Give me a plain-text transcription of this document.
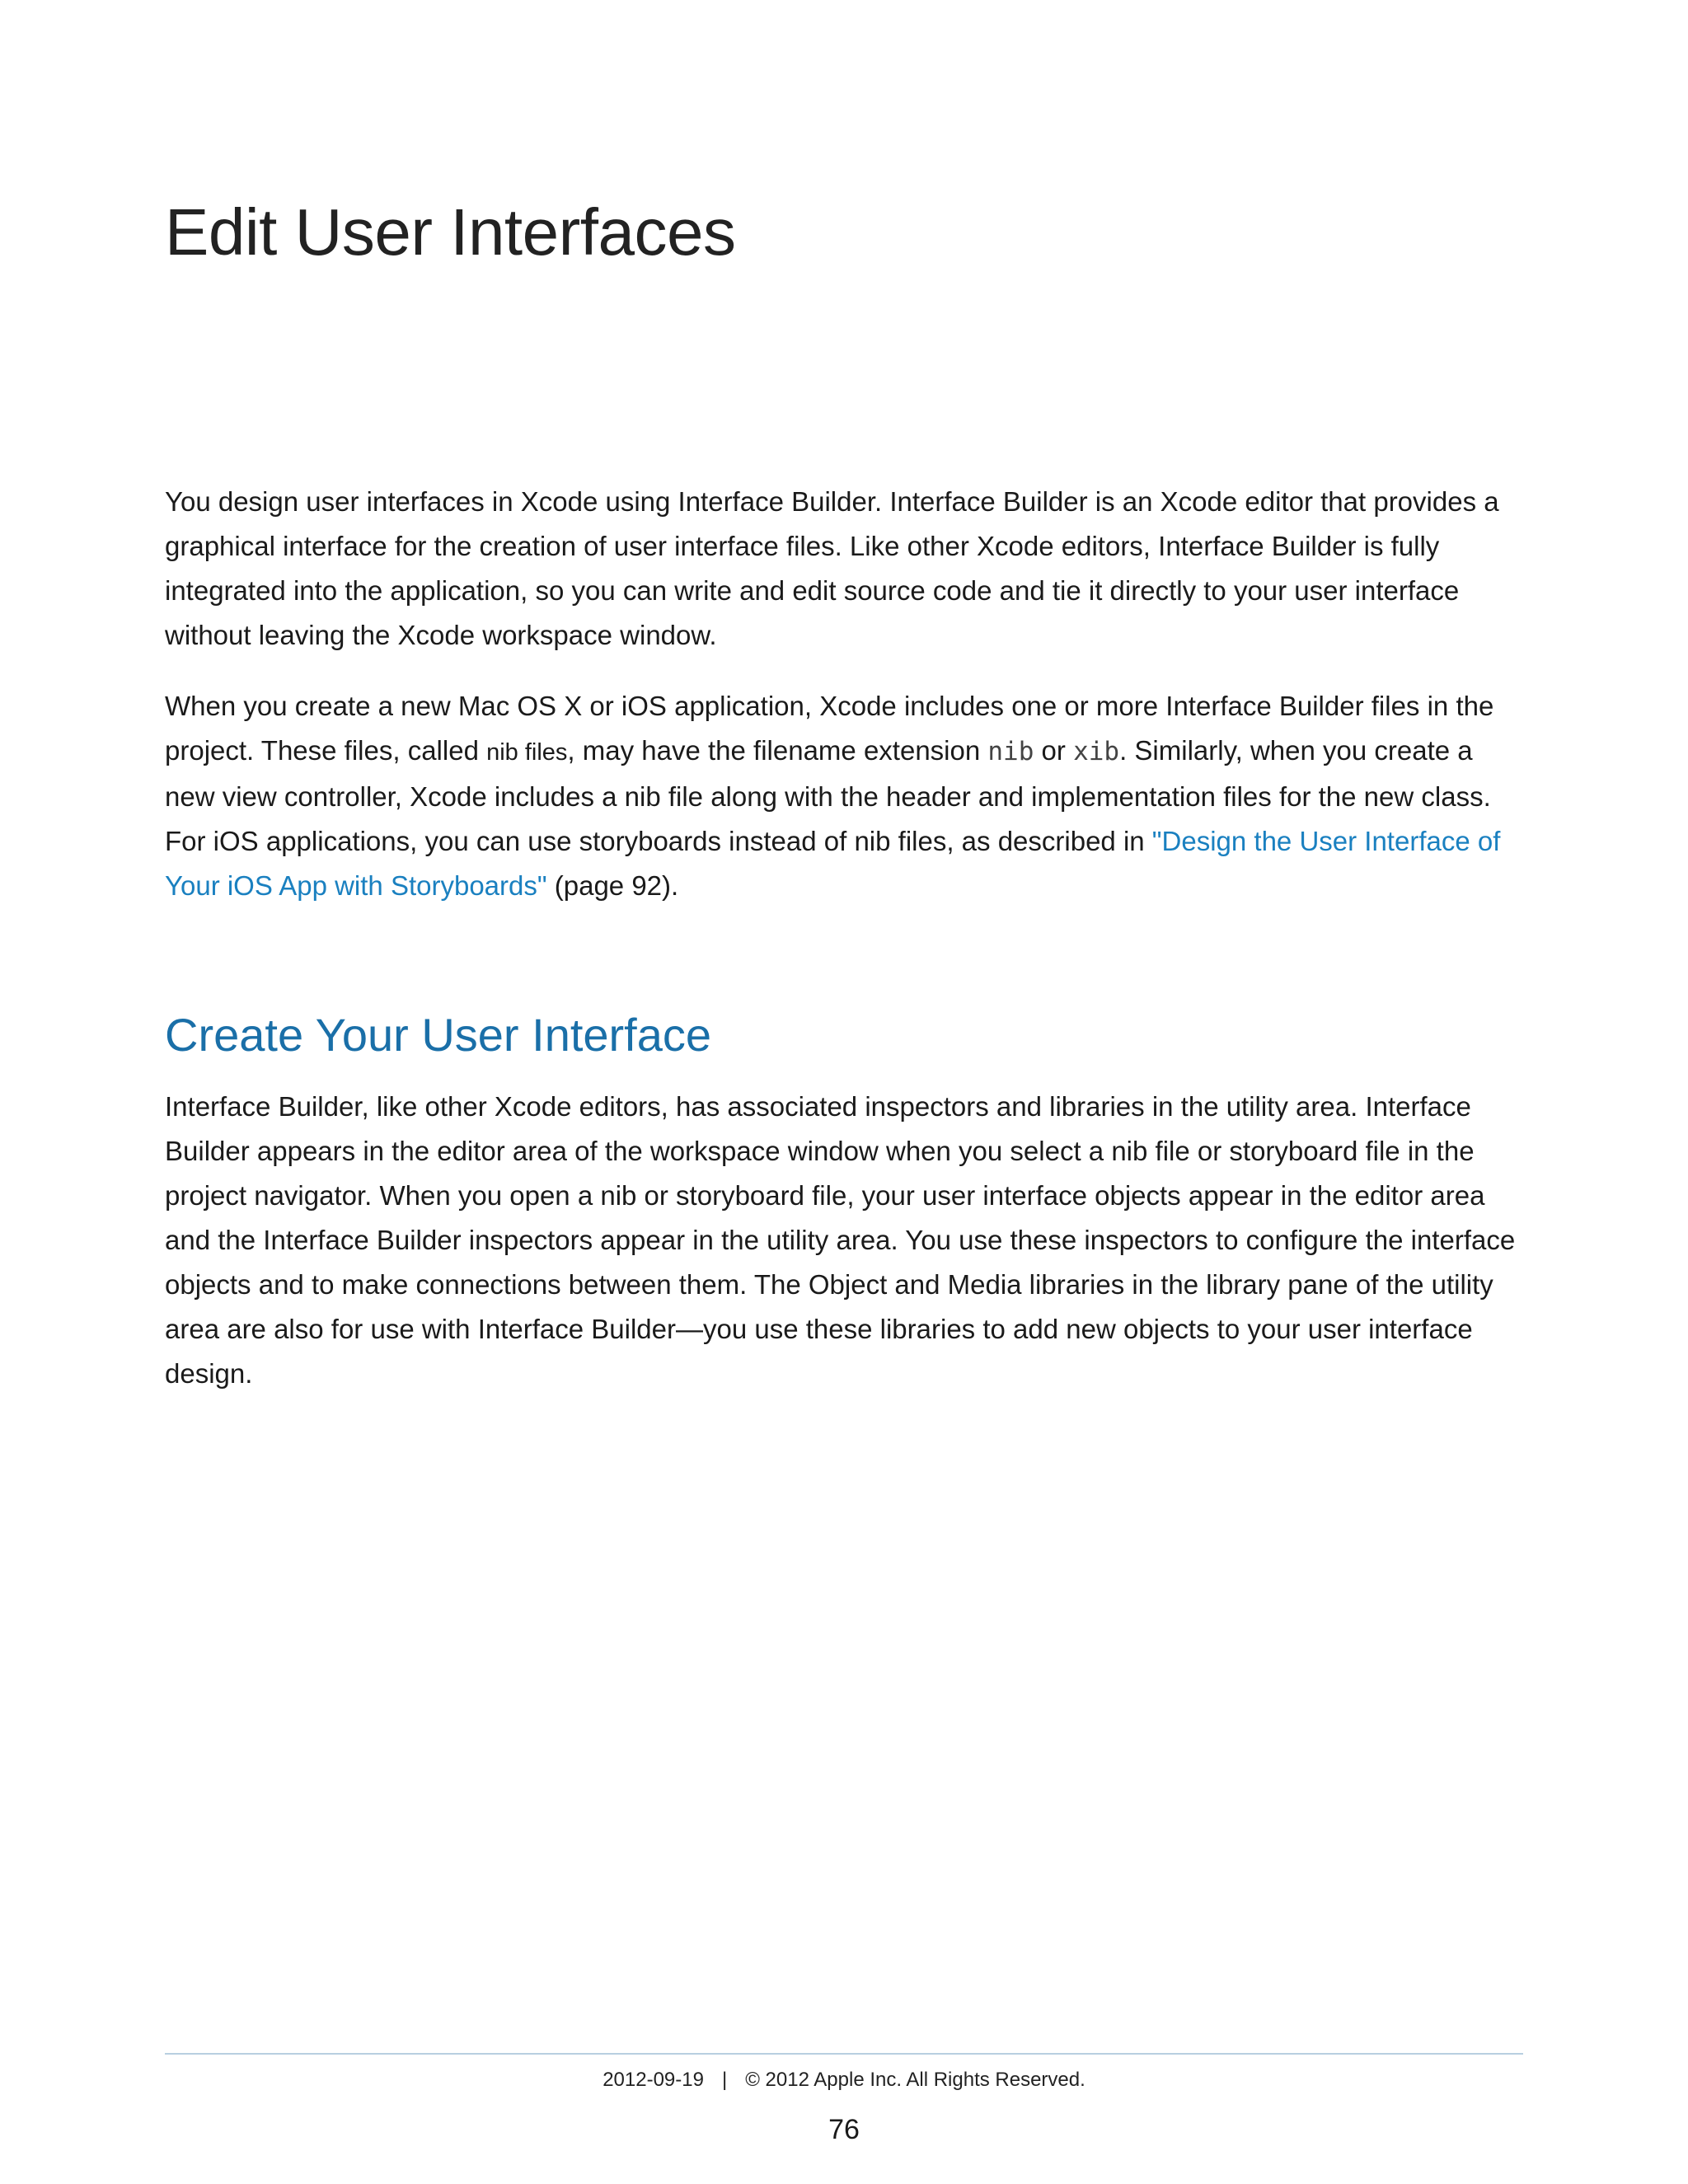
Edit User Interfaces

You design user interfaces in Xcode using Interface Builder. Interface Builder is an Xcode editor that provides a graphical interface for the creation of user interface files. Like other Xcode editors, Interface Builder is fully integrated into the application, so you can write and edit source code and tie it directly to your user interface without leaving the Xcode workspace window.

When you create a new Mac OS X or iOS application, Xcode includes one or more Interface Builder files in the project. These files, called nib files, may have the filename extension nib or xib. Similarly, when you create a new view controller, Xcode includes a nib file along with the header and implementation files for the new class. For iOS applications, you can use storyboards instead of nib files, as described in "Design the User Interface of Your iOS App with Storyboards" (page 92).

Create Your User Interface

Interface Builder, like other Xcode editors, has associated inspectors and libraries in the utility area. Interface Builder appears in the editor area of the workspace window when you select a nib file or storyboard file in the project navigator. When you open a nib or storyboard file, your user interface objects appear in the editor area and the Interface Builder inspectors appear in the utility area. You use these inspectors to configure the interface objects and to make connections between them. The Object and Media libraries in the library pane of the utility area are also for use with Interface Builder—you use these libraries to add new objects to your user interface design.

2012-09-19 | © 2012 Apple Inc. All Rights Reserved.
76
